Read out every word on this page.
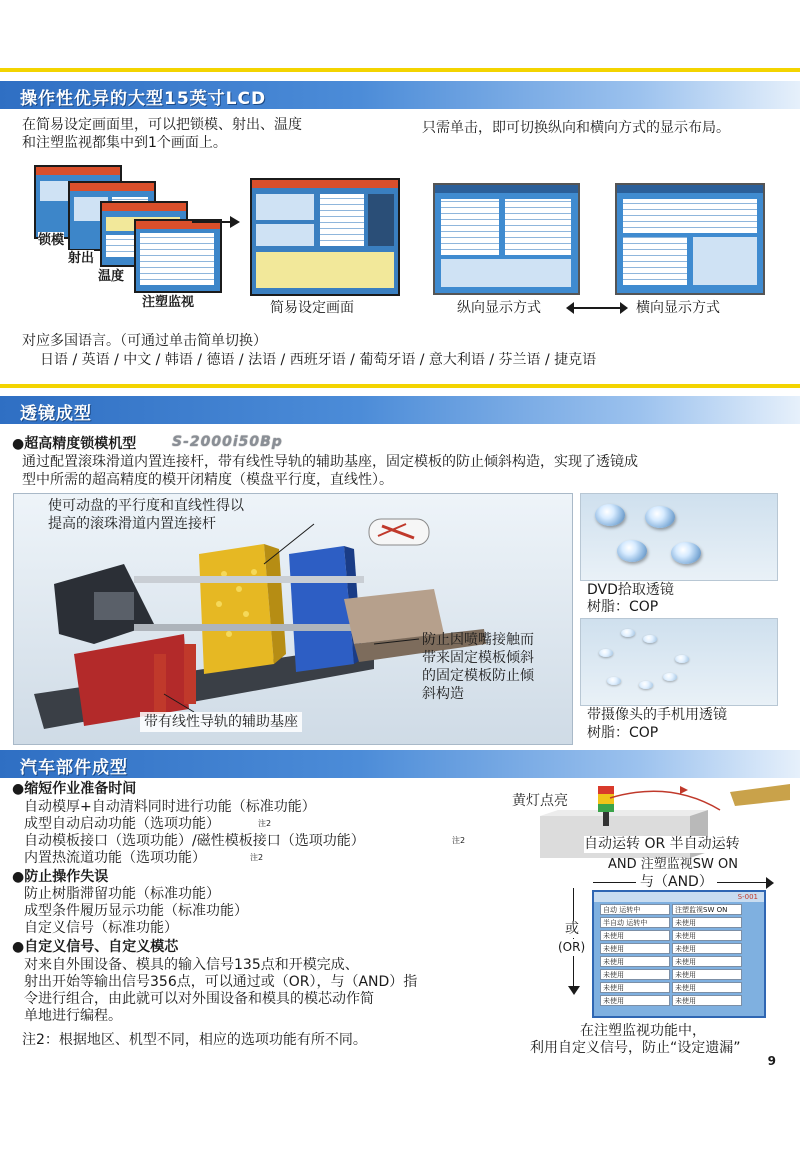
操作性优异的大型15英寸LCD
在简易设定画面里，可以把锁模、射出、温度
和注塑监视都集中到1个画面上。
只需单击，即可切换纵向和横向方式的显示布局。
锁模
射出
温度
注塑监视	简易设定画面	纵向显示方式	横向显示方式
对应多国语言。（可通过单击简单切换）
日语 / 英语 / 中文 / 韩语 / 德语 / 法语 / 西班牙语 / 葡萄牙语 / 意大利语 / 芬兰语 / 捷克语
透镜成型
●超高精度锁模机型	S-2000i50Bp
通过配置滚珠滑道内置连接杆，带有线性导轨的辅助基座，固定模板的防止倾斜构造，实现了透镜成
型中所需的超高精度的模开闭精度（模盘平行度，直线性）。
使可动盘的平行度和直线性得以
提高的滚珠滑道内置连接杆
防止因喷嘴接触而
带来固定模板倾斜
的固定模板防止倾
斜构造
带有线性导轨的辅助基座
DVD拾取透镜
树脂：COP
带摄像头的手机用透镜
树脂：COP
汽车部件成型
●缩短作业准备时间
自动模厚+自动清料同时进行功能（标准功能）
成型自动启动功能（选项功能）	注2
自动模板接口（选项功能）/磁性模板接口（选项功能）	注2
内置热流道功能（选项功能）	注2
●防止操作失误
防止树脂滞留功能（标准功能）
成型条件履历显示功能（标准功能）
自定义信号（标准功能）
●自定义信号、自定义模芯
对来自外围设备、模具的输入信号135点和开模完成、
射出开始等输出信号356点，可以通过或（OR），与（AND）指
令进行组合，由此就可以对外围设备和模具的模芯动作简
单地进行编程。
注2：根据地区、机型不同，相应的选项功能有所不同。
黄灯点亮
自动运转 OR 半自动运转
AND 注塑监视SW ON
与（AND）
或
(OR)
S-001
自动 运转中	注塑监视SW ON
半自动 运转中	未使用
未使用	未使用
未使用	未使用
未使用	未使用
未使用	未使用
未使用	未使用
未使用	未使用
在注塑监视功能中，
利用自定义信号，防止“设定遗漏”
9
